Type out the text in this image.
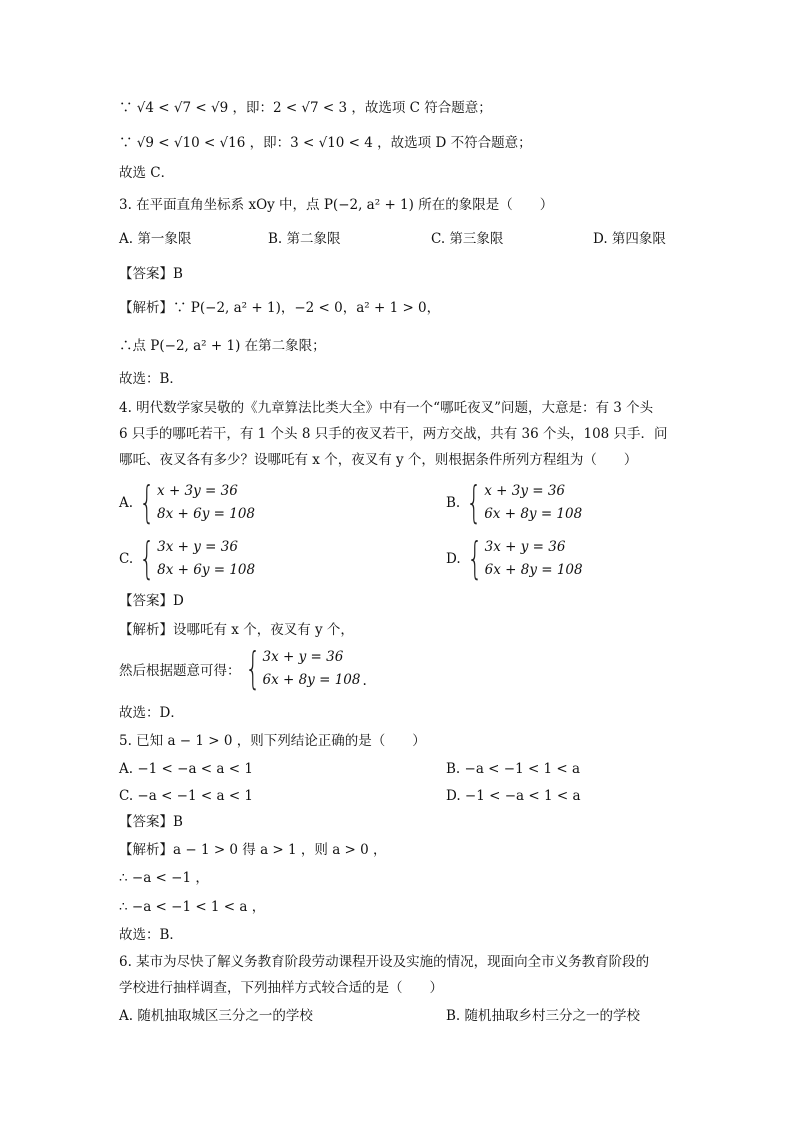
∵ √4 < √7 < √9 ，即：2 < √7 < 3 ，故选项 C 符合题意；
∵ √9 < √10 < √16 ，即：3 < √10 < 4 ，故选项 D 不符合题意；
故选 C．
3. 在平面直角坐标系 xOy 中，点 P(−2, a² + 1) 所在的象限是（　　）
A. 第一象限	B. 第二象限	C. 第三象限	D. 第四象限
【答案】B
【解析】∵ P(−2, a² + 1)，−2 < 0，a² + 1 > 0，
∴点 P(−2, a² + 1) 在第二象限；
故选：B．
4. 明代数学家吴敬的《九章算法比类大全》中有一个“哪吒夜叉”问题，大意是：有 3 个头
6 只手的哪吒若干，有 1 个头 8 只手的夜叉若干，两方交战，共有 36 个头，108 只手．问
哪吒、夜叉各有多少？设哪吒有 x 个，夜叉有 y 个，则根据条件所列方程组为（　　）
A. { x + 3y = 36
8x + 6y = 108
B. { x + 3y = 36
6x + 8y = 108
C. { 3x + y = 36
8x + 6y = 108
D. { 3x + y = 36
6x + 8y = 108
【答案】D
【解析】设哪吒有 x 个，夜叉有 y 个，
然后根据题意可得： { 3x + y = 36
6x + 8y = 108 .
故选：D．
5. 已知 a − 1 > 0 ，则下列结论正确的是（　　）
A. −1 < −a < a < 1	B. −a < −1 < 1 < a
C. −a < −1 < a < 1	D. −1 < −a < 1 < a
【答案】B
【解析】a − 1 > 0 得 a > 1 ，则 a > 0 ，
∴ −a < −1 ，
∴ −a < −1 < 1 < a ，
故选：B．
6. 某市为尽快了解义务教育阶段劳动课程开设及实施的情况，现面向全市义务教育阶段的
学校进行抽样调查，下列抽样方式较合适的是（　　）
A. 随机抽取城区三分之一的学校	B. 随机抽取乡村三分之一的学校
